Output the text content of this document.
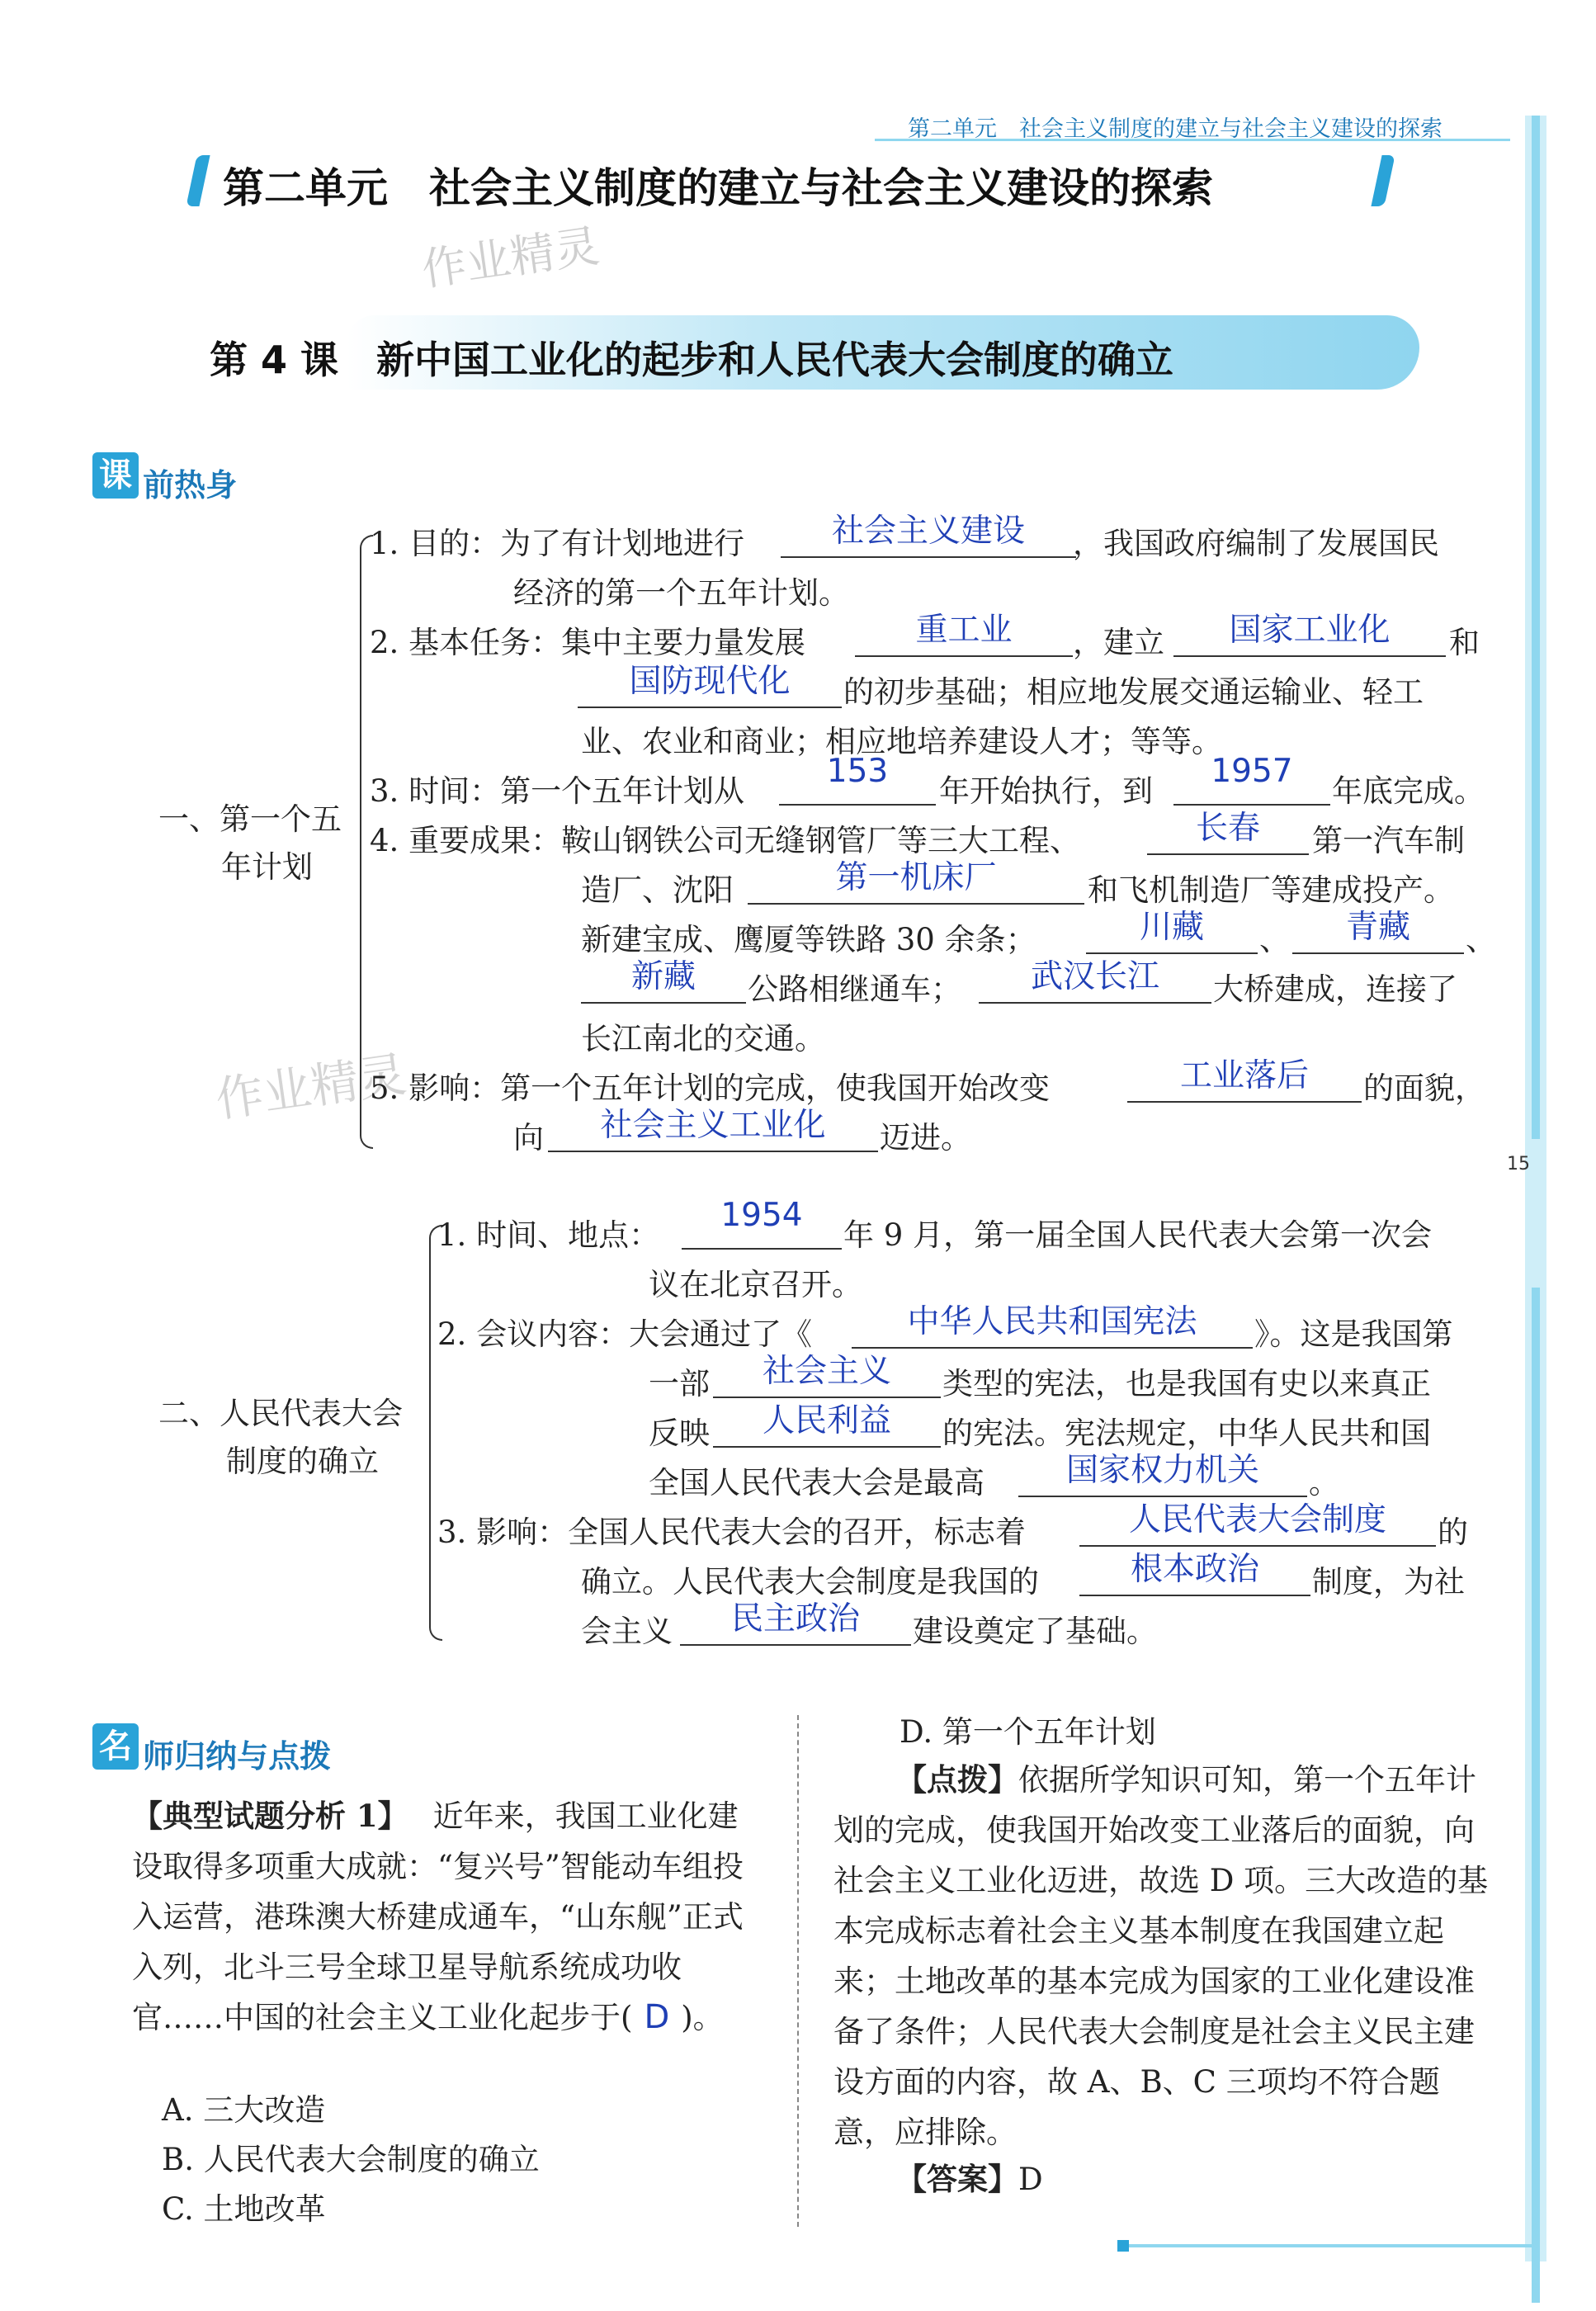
第二单元　社会主义制度的建立与社会主义建设的探索
15
第二单元　社会主义制度的建立与社会主义建设的探索
作业精灵
作业精灵
第 4 课　新中国工业化的起步和人民代表大会制度的确立
课 前热身
一、第一个五
年计划
1. 目的：为了有计划地进行	社会主义建设	，我国政府编制了发展国民
经济的第一个五年计划。
2. 基本任务：集中主要力量发展	重工业	，建立	国家工业化	和
国防现代化	的初步基础；相应地发展交通运输业、轻工
业、农业和商业；相应地培养建设人才；等等。
3. 时间：第一个五年计划从
153
年开始执行，到
1957
年底完成。
4. 重要成果：鞍山钢铁公司无缝钢管厂等三大工程、	长春	第一汽车制
造厂、沈阳	第一机床厂	和飞机制造厂等建成投产。
新建宝成、鹰厦等铁路 30 余条；	川藏	、	青藏	、
新藏	公路相继通车；	武汉长江	大桥建成，连接了
长江南北的交通。
5. 影响：第一个五年计划的完成，使我国开始改变	工业落后	的面貌，
向	社会主义工业化	迈进。
二、人民代表大会
制度的确立
1. 时间、地点：
1954
年 9 月，第一届全国人民代表大会第一次会
议在北京召开。
2. 会议内容：大会通过了《	中华人民共和国宪法	》。这是我国第
一部	社会主义	类型的宪法，也是我国有史以来真正
反映	人民利益	的宪法。宪法规定，中华人民共和国
全国人民代表大会是最高	国家权力机关	。
3. 影响：全国人民代表大会的召开，标志着	人民代表大会制度	的
确立。人民代表大会制度是我国的	根本政治	制度，为社
会主义	民主政治	建设奠定了基础。
名 师归纳与点拨
【典型试题分析 1】 近年来，我国工业化建设取得多项重大成就：“复兴号”智能动车组投入运营，港珠澳大桥建成通车，“山东舰”正式入列，北斗三号全球卫星导航系统成功收官……中国的社会主义工业化起步于( D )。
A. 三大改造
B. 人民代表大会制度的确立
C. 土地改革
D. 第一个五年计划
【点拨】依据所学知识可知，第一个五年计划的完成，使我国开始改变工业落后的面貌，向社会主义工业化迈进，故选 D 项。三大改造的基本完成标志着社会主义基本制度在我国建立起来；土地改革的基本完成为国家的工业化建设准备了条件；人民代表大会制度是社会主义民主建设方面的内容，故 A、B、C 三项均不符合题意，应排除。
【答案】D
